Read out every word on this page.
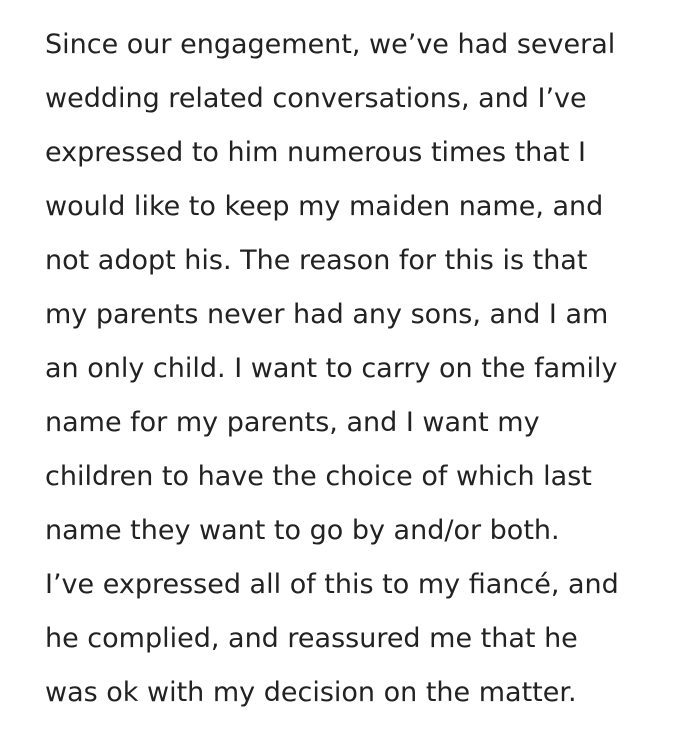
Since our engagement, we’ve had several
wedding related conversations, and I’ve
expressed to him numerous times that I
would like to keep my maiden name, and
not adopt his. The reason for this is that
my parents never had any sons, and I am
an only child. I want to carry on the family
name for my parents, and I want my
children to have the choice of which last
name they want to go by and/or both.
I’ve expressed all of this to my fiancé, and
he complied, and reassured me that he
was ok with my decision on the matter.
